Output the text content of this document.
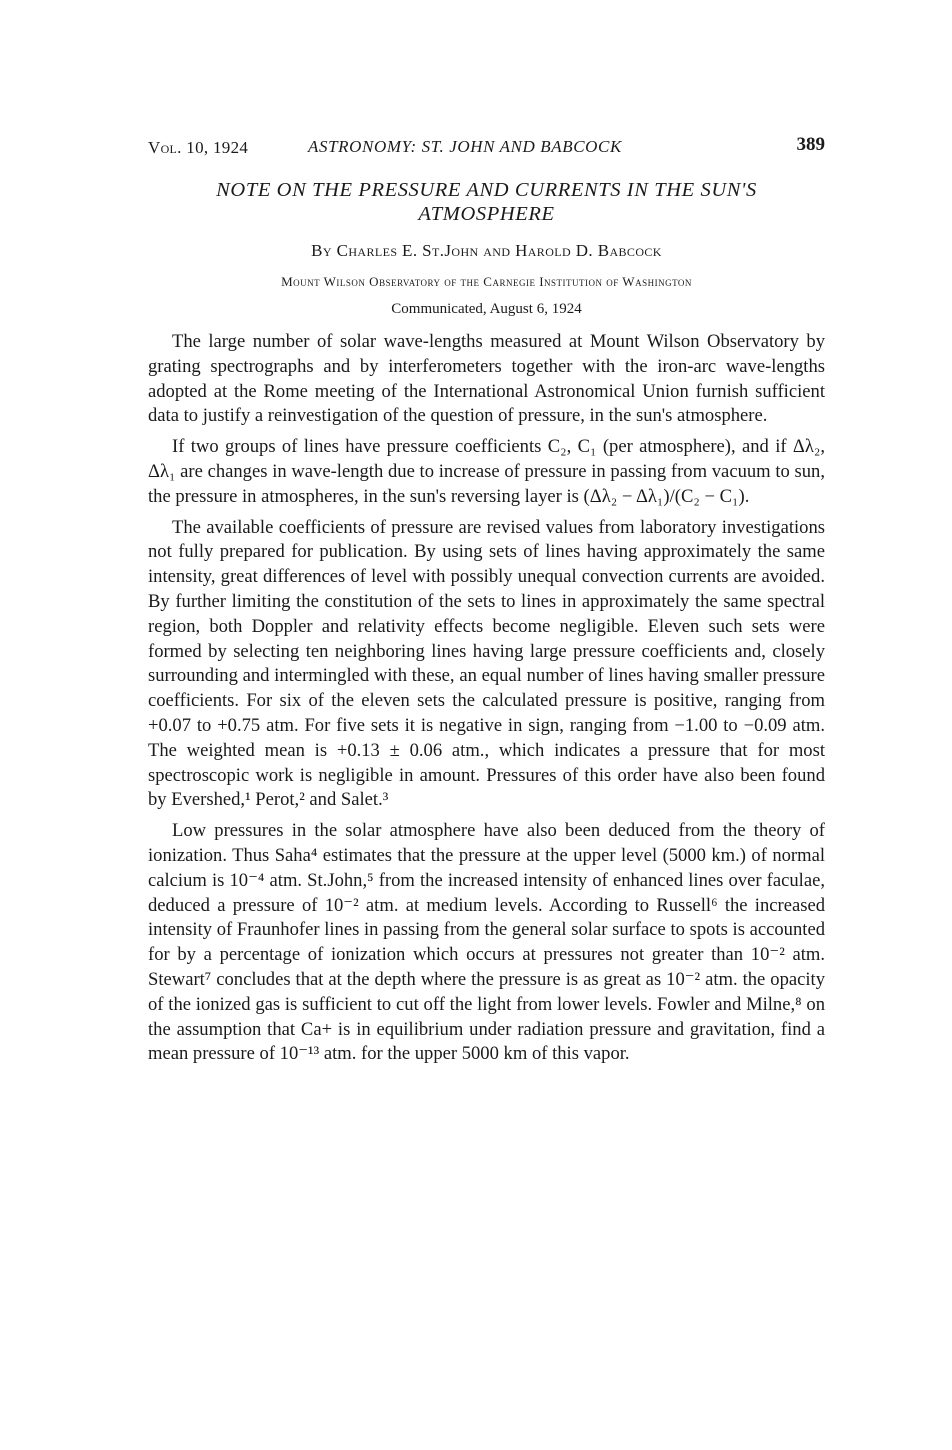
Vol. 10, 1924	ASTRONOMY: ST. JOHN AND BABCOCK	389
NOTE ON THE PRESSURE AND CURRENTS IN THE SUN'S ATMOSPHERE
By Charles E. St.John and Harold D. Babcock
Mount Wilson Observatory of the Carnegie Institution of Washington
Communicated, August 6, 1924

The large number of solar wave-lengths measured at Mount Wilson Observatory by grating spectrographs and by interferometers together with the iron-arc wave-lengths adopted at the Rome meeting of the International Astronomical Union furnish sufficient data to justify a reinvestigation of the question of pressure, in the sun's atmosphere.

If two groups of lines have pressure coefficients C₂, C₁ (per atmosphere), and if Δλ₂, Δλ₁ are changes in wave-length due to increase of pressure in passing from vacuum to sun, the pressure in atmospheres, in the sun's reversing layer is (Δλ₂ − Δλ₁)/(C₂ − C₁).

The available coefficients of pressure are revised values from laboratory investigations not fully prepared for publication. By using sets of lines having approximately the same intensity, great differences of level with possibly unequal convection currents are avoided. By further limiting the constitution of the sets to lines in approximately the same spectral region, both Doppler and relativity effects become negligible. Eleven such sets were formed by selecting ten neighboring lines having large pressure coefficients and, closely surrounding and intermingled with these, an equal number of lines having smaller pressure coefficients. For six of the eleven sets the calculated pressure is positive, ranging from +0.07 to +0.75 atm. For five sets it is negative in sign, ranging from −1.00 to −0.09 atm. The weighted mean is +0.13 ± 0.06 atm., which indicates a pressure that for most spectroscopic work is negligible in amount. Pressures of this order have also been found by Evershed,¹ Perot,² and Salet.³

Low pressures in the solar atmosphere have also been deduced from the theory of ionization. Thus Saha⁴ estimates that the pressure at the upper level (5000 km.) of normal calcium is 10⁻⁴ atm. St.John,⁵ from the increased intensity of enhanced lines over faculae, deduced a pressure of 10⁻² atm. at medium levels. According to Russell⁶ the increased intensity of Fraunhofer lines in passing from the general solar surface to spots is accounted for by a percentage of ionization which occurs at pressures not greater than 10⁻² atm. Stewart⁷ concludes that at the depth where the pressure is as great as 10⁻² atm. the opacity of the ionized gas is sufficient to cut off the light from lower levels. Fowler and Milne,⁸ on the assumption that Ca+ is in equilibrium under radiation pressure and gravitation, find a mean pressure of 10⁻¹³ atm. for the upper 5000 km of this vapor.
